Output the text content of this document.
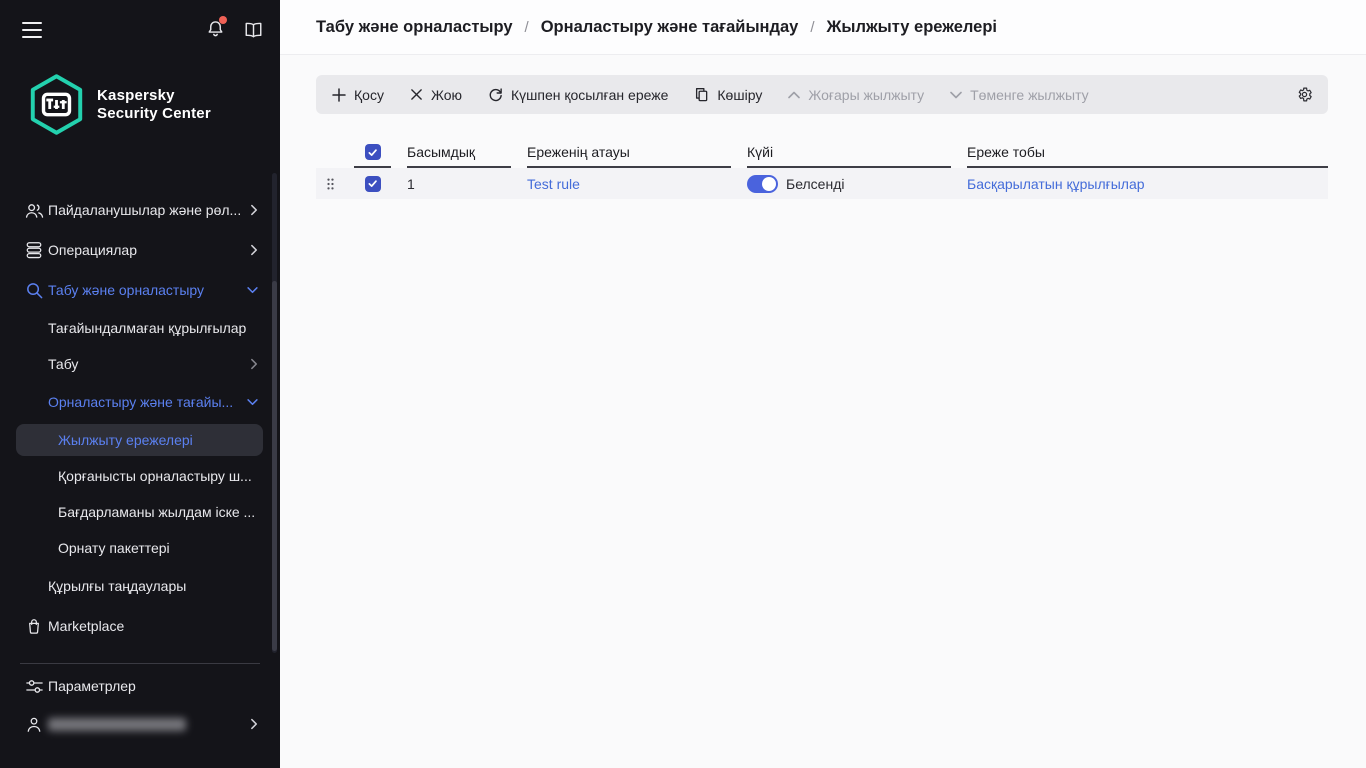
Kaspersky
Security Center
Пайдаланушылар және рөл...
Операциялар
Табу және орналастыру
Тағайындалмаған құрылғылар
Табу
Орналастыру және тағайы...
Жылжыту ережелері
Қорғанысты орналастыру ш...
Бағдарламаны жылдам іске ...
Орнату пакеттері
Құрылғы таңдаулары
Marketplace
Параметрлер
Табу және орналастыру / Орналастыру және тағайындау / Жылжыту ережелері
Қосу	Жою	Күшпен қосылған ереже	Көшіру	Жоғары жылжыту	Төменге жылжыту
Басымдық	Ереженің атауы	Күйі	Ереже тобы
1	Test rule	Белсенді	Басқарылатын құрылғылар
